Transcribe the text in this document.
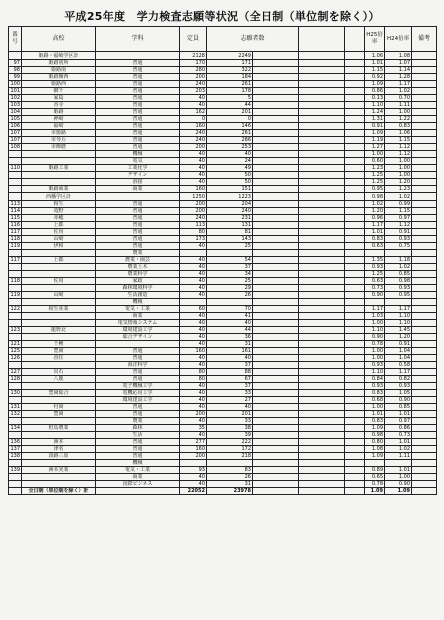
平成25年度　学力検査志願等状況（全日制（単位制を除く））
番号	高校	学科	定員	志願者数				H25倍率	H24倍率	備考
	姫路・福崎学区計		2128	2249				1.06	1.08	
97	姫路別所	普通	170	171				1.01	1.07	
98	姫路南	普通	280	322				1.15	1.14	
99	姫路飾西	普通	200	184				0.92	1.28	
100	姫路西	普通	240	261				1.09	1.17	
101	網干	普通	203	178				0.86	1.02	
102	家島	普通	40	5				0.13	0.70	
103	香寺	普通	40	44				1.10	1.11	
104	姫路	普通	162	201				1.24	1.00	
105	神崎	普通	0	0				1.31	1.22	
106	福崎	普通	160	146				0.91	0.83	
107	市姫路	普通	240	261				1.09	1.06	
107	市琴丘	普通	240	286				1.19	1.15	
108	市飾磨	普通	200	253				1.27	1.12	
		機械	40	40				1.00	1.12	
		電気	40	24				0.60	1.00	
110	姫路工業	工業化学	40	49				1.23	1.00	
		デザイン	40	50				1.25	1.00	
		溶接	40	50				1.25	1.20	
	姫路商業	商業	160	151				0.95	1.23	
	西播学区計		1250	1223				0.98	1.02	
113	相生	普通	200	204				1.02	0.99	
114	竜野	普通	200	240				1.20	1.15	
115	赤穂	普通	240	231				0.96	0.97	
116	上郡	普通	113	131				1.17	1.12	
117	佐用	普通	80	81				1.01	0.91	
118	山崎	普通	173	143				0.83	0.93	
119	伊和	普通	40	25				0.63	0.75	
		農業								
117	上郡	農業・園芸	40	54				1.35	1.18	
		農業土木	40	37				0.93	1.02	
		農業科学	40	34				1.25	0.85	
118	佐用	家政	40	25				0.63	0.98	
		森林環境科学	40	29				0.73	0.93	
119	山崎	生活創造	40	26				0.90	0.95	
		機械								
122	相生産業	電気・工業	60	70				1.17	1.17	
		商業	40	41				1.03	1.10	
		電気情報システム	40	40				1.00	1.10	
123	龍野北	環境建設工学	40	44				1.10	1.45	
		総合デザイン	40	36				0.90	1.20	
121	千種		40	31				0.78	0.91	
125	豊岡	普通	160	161				1.00	1.04	
126	香住	普通	40	40				1.00	1.04	
		海洋科学	40	37				0.93	0.58	
127	出石	普通	80	88				1.10	1.17	
128	八鹿	普通	80	67				0.84	0.82	
		電子機械工学	40	37				0.93	0.93	
130	豊岡総合	電機応用工学	40	33				0.83	1.05	
		環境建設工学	40	27				0.68	0.90	
131	村岡	普通	40	40				1.00	0.85	
132	豊岡	普通	200	201				1.01	1.01	
		農業	40	33				0.83	0.97	
134	但馬農業	森林	35	38				1.09	0.86	
		生活	40	39				0.98	0.73	
136	洲本	普通	277	222				0.80	1.01	
137	津名	普通	160	172				1.08	1.02	
138	淡路三原	普通	200	218				1.09	1.11	
		機械								
139	洲本実業	電気・工業	93	83				0.89	1.01	
		商業	40	26				0.65	1.00	
		国際ビジネス	40	31				0.78	0.90	
	全日制（単位制を除く）計		22052	23978				1.09	1.09	
